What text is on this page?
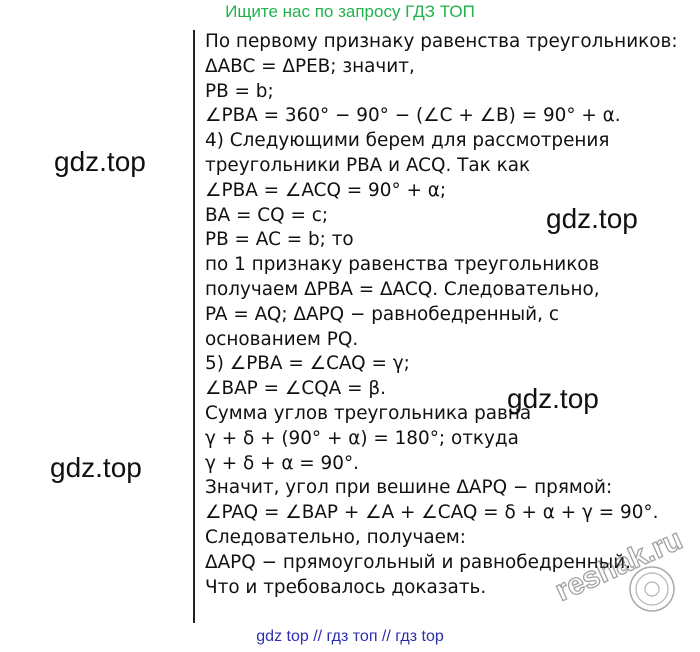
Ищите нас по запросу ГДЗ ТОП
По первому признаку равенства треугольников:
ΔABC = ΔPEB; значит,
PB = b;
∠PBA = 360° − 90° − (∠C + ∠B) = 90° + α.
4) Следующими берем для рассмотрения
треугольники PBA и ACQ. Так как
∠PBA = ∠ACQ = 90° + α;
BA = CQ = c;
PB = AC = b; то
по 1 признаку равенства треугольников
получаем ΔPBA = ΔACQ. Следовательно,
PA = AQ; ΔAPQ − равнобедренный, с
основанием PQ.
5) ∠PBA = ∠CAQ = γ;
∠BAP = ∠CQA = β.
Сумма углов треугольника равна
γ + δ + (90° + α) = 180°; откуда
γ + δ + α = 90°.
Значит, угол при вешине ΔAPQ − прямой:
∠PAQ = ∠BAP + ∠A + ∠CAQ = δ + α + γ = 90°.
Следовательно, получаем:
ΔAPQ − прямоугольный и равнобедренный.
Что и требовалось доказать.
gdz.top
gdz.top
gdz.top
gdz.top
reshak.ru
gdz top // гдз топ // гдз top
